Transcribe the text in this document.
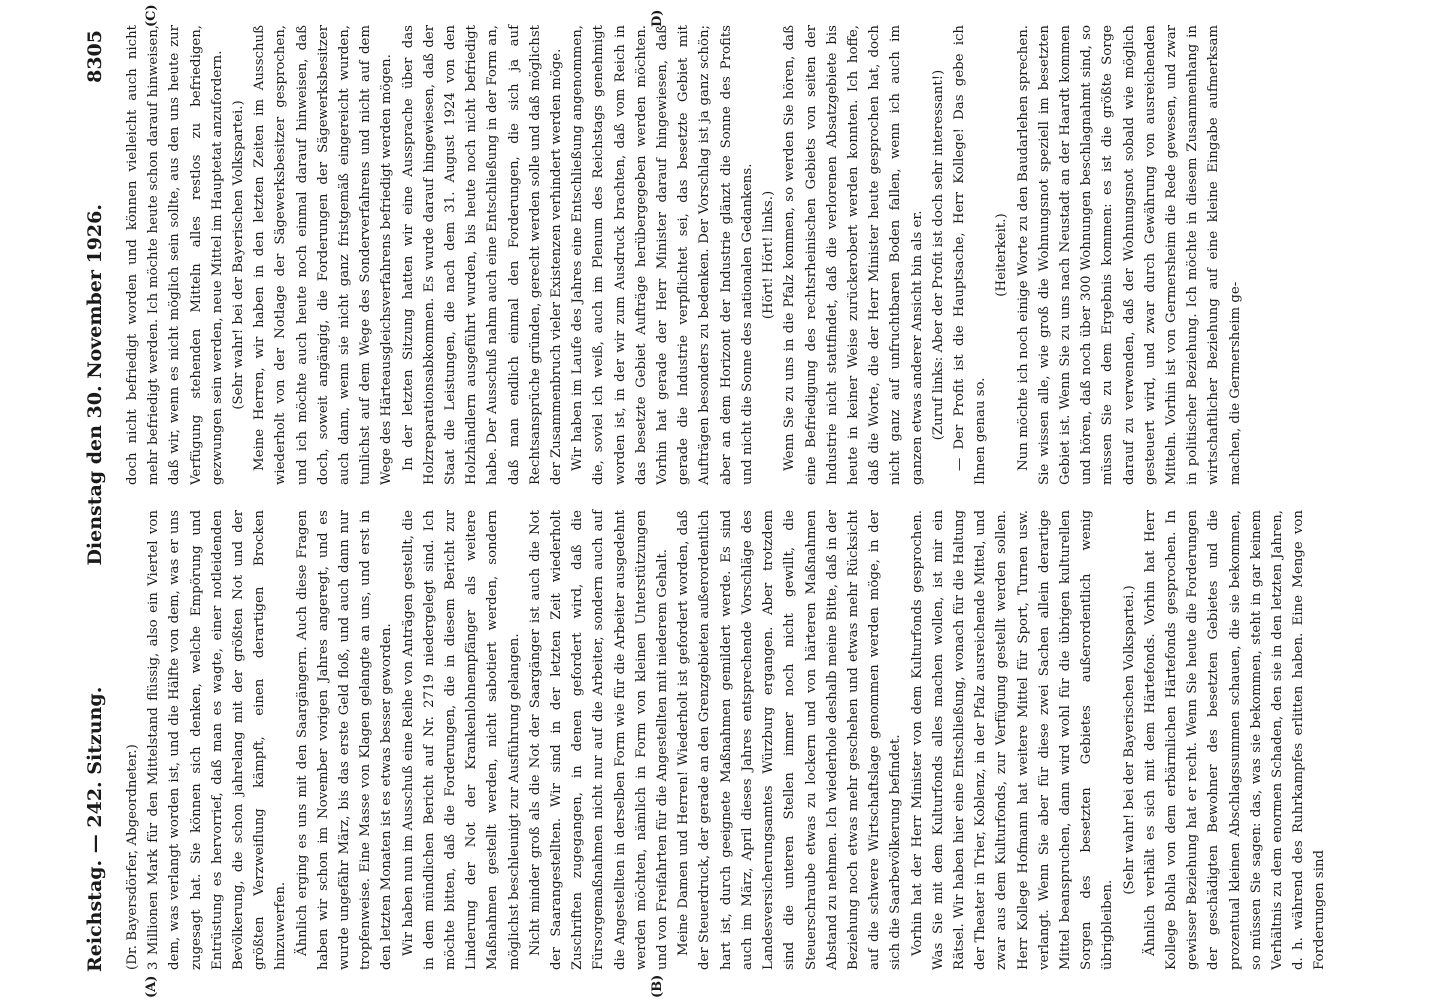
Reichstag. — 242. Sitzung.
Dienstag den 30. November 1926.
8305
(A)	(B)
(C)	D)

(Dr. Bayersdörfer, Abgeordneter.) 3 Millionen Mark für den Mittelstand flüssig, also ein Viertel von dem, was verlangt worden ist, und die Hälfte von dem, was er uns zugesagt hat. Sie können sich denken, welche Empörung und Entrüstung es hervorrief, daß man es wagte, einer notleidenden Bevölkerung, die schon jahrelang mit der größten Not und der größten Verzweiflung kämpft, einen derartigen Brocken hinzuwerfen. Ähnlich erging es uns mit den Saargängern. Auch diese Fragen haben wir schon im November vorigen Jahres angeregt, und es wurde ungefähr März, bis das erste Geld floß, und auch dann nur tropfenweise. Eine Masse von Klagen gelangte an uns, und erst in den letzten Monaten ist es etwas besser geworden. Wir haben nun im Ausschuß eine Reihe von Anträgen gestellt, die in dem mündlichen Bericht auf Nr. 2719 niedergelegt sind. Ich möchte bitten, daß die Forderungen, die in diesem Bericht zur Linderung der Not der Krankenlohnempfänger als weitere Maßnahmen gestellt werden, nicht sabotiert werden, sondern möglichst beschleunigt zur Ausführung gelangen. Nicht minder groß als die Not der Saargänger ist auch die Not der Saarangestellten. Wir sind in der letzten Zeit wiederholt Zuschriften zugegangen, in denen gefordert wird, daß die Fürsorgemaßnahmen nicht nur auf die Arbeiter, sondern auch auf die Angestellten in derselben Form wie für die Arbeiter ausgedehnt werden möchten, nämlich in Form von kleinen Unterstützungen und von Freifahrten für die Angestellten mit niederem Gehalt. Meine Damen und Herren! Wiederholt ist gefordert worden, daß der Steuerdruck, der gerade an den Grenzgebieten außerordentlich hart ist, durch geeignete Maßnahmen gemildert werde. Es sind auch im März, April dieses Jahres entsprechende Vorschläge des Landesversicherungsamtes Würzburg ergangen. Aber trotzdem sind die unteren Stellen immer noch nicht gewillt, die Steuerschraube etwas zu lockern und von härteren Maßnahmen Abstand zu nehmen. Ich wiederhole deshalb meine Bitte, daß in der Beziehung noch etwas mehr geschehen und etwas mehr Rücksicht auf die schwere Wirtschaftslage genommen werden möge, in der sich die Saarbevölkerung befindet. Vorhin hat der Herr Minister von dem Kulturfonds gesprochen. Was Sie mit dem Kulturfonds alles machen wollen, ist mir ein Rätsel. Wir haben hier eine Entschließung, wonach für die Haltung der Theater in Trier, Koblenz, in der Pfalz ausreichende Mittel, und zwar aus dem Kulturfonds, zur Verfügung gestellt werden sollen. Herr Kollege Hofmann hat weitere Mittel für Sport, Turnen usw. verlangt. Wenn Sie aber für diese zwei Sachen allein derartige Mittel beanspruchen, dann wird wohl für die übrigen kulturellen Sorgen des besetzten Gebietes außerordentlich wenig übrigbleiben.

(Sehr wahr! bei der Bayerischen Volkspartei.) Ähnlich verhält es sich mit dem Härtefonds. Vorhin hat Herr Kollege Bohla von dem erbärmlichen Härtefonds gesprochen. In gewisser Beziehung hat er recht. Wenn Sie heute die Forderungen der geschädigten Bewohner des besetzten Gebietes und die prozentual kleinen Abschlagssummen schauen, die sie bekommen, so müssen Sie sagen: das, was sie bekommen, steht in gar keinem Verhältnis zu dem enormen Schaden, den sie in den letzten Jahren, d. h. während des Ruhrkampfes erlitten haben. Eine Menge von Forderungen sind

doch nicht befriedigt worden und können vielleicht auch nicht mehr befriedigt werden. Ich möchte heute schon darauf hinweisen, daß wir, wenn es nicht möglich sein sollte, aus den uns heute zur Verfügung stehenden Mitteln alles restlos zu befriedigen, gezwungen sein werden, neue Mittel im Hauptetat anzufordern. (Sehr wahr! bei der Bayerischen Volkspartei.) Meine Herren, wir haben in den letzten Zeiten im Ausschuß wiederholt von der Notlage der Sägewerksbesitzer gesprochen, und ich möchte auch heute noch einmal darauf hinweisen, daß doch, soweit angängig, die Forderungen der Sägewerksbesitzer auch dann, wenn sie nicht ganz fristgemäß eingereicht wurden, tunlichst auf dem Wege des Sonderverfahrens und nicht auf dem Wege des Härteausgleichsverfahrens befriedigt werden mögen. In der letzten Sitzung hatten wir eine Aussprache über das Holzreparationsabkommen. Es wurde darauf hingewiesen, daß der Staat die Leistungen, die nach dem 31. August 1924 von den Holzhändlern ausgeführt wurden, bis heute noch nicht befriedigt habe. Der Ausschuß nahm auch eine Entschließung in der Form an, daß man endlich einmal den Forderungen, die sich ja auf Rechtsansprüche gründen, gerecht werden solle und daß möglichst der Zusammenbruch vieler Existenzen verhindert werden möge. Wir haben im Laufe des Jahres eine Entschließung angenommen, die, soviel ich weiß, auch im Plenum des Reichstags genehmigt worden ist, in der wir zum Ausdruck brachten, daß vom Reich in das besetzte Gebiet Aufträge herübergegeben werden möchten. Vorhin hat gerade der Herr Minister darauf hingewiesen, daß gerade die Industrie verpflichtet sei, das besetzte Gebiet mit Aufträgen besonders zu bedenken. Der Vorschlag ist ja ganz schön; aber an dem Horizont der Industrie glänzt die Sonne des Profits und nicht die Sonne des nationalen Gedankens. (Hört! Hört! links.) Wenn Sie zu uns in die Pfalz kommen, so werden Sie hören, daß eine Befriedigung des rechtsrheinischen Gebiets von seiten der Industrie nicht stattfindet, daß die verlorenen Absatzgebiete bis heute in keiner Weise zurückerobert werden konnten. Ich hoffe, daß die Worte, die der Herr Minister heute gesprochen hat, doch nicht ganz auf unfruchtbaren Boden fallen, wenn ich auch im ganzen etwas anderer Ansicht bin als er. (Zuruf links: Aber der Profit ist doch sehr interessant!) — Der Profit ist die Hauptsache, Herr Kollege! Das gebe ich Ihnen genau so.

(Heiterkeit.) Nun möchte ich noch einige Worte zu den Baudarlehen sprechen. Sie wissen alle, wie groß die Wohnungsnot speziell im besetzten Gebiet ist. Wenn Sie zu uns nach Neustadt an der Haardt kommen und hören, daß noch über 300 Wohnungen beschlagnahmt sind, so müssen Sie zu dem Ergebnis kommen: es ist die größte Sorge darauf zu verwenden, daß der Wohnungsnot sobald wie möglich gesteuert wird, und zwar durch Gewährung von ausreichenden Mitteln. Vorhin ist von Germersheim die Rede gewesen, und zwar in politischer Beziehung. Ich möchte in diesem Zusammenhang in wirtschaftlicher Beziehung auf eine kleine Eingabe aufmerksam machen, die Germersheim ge-
